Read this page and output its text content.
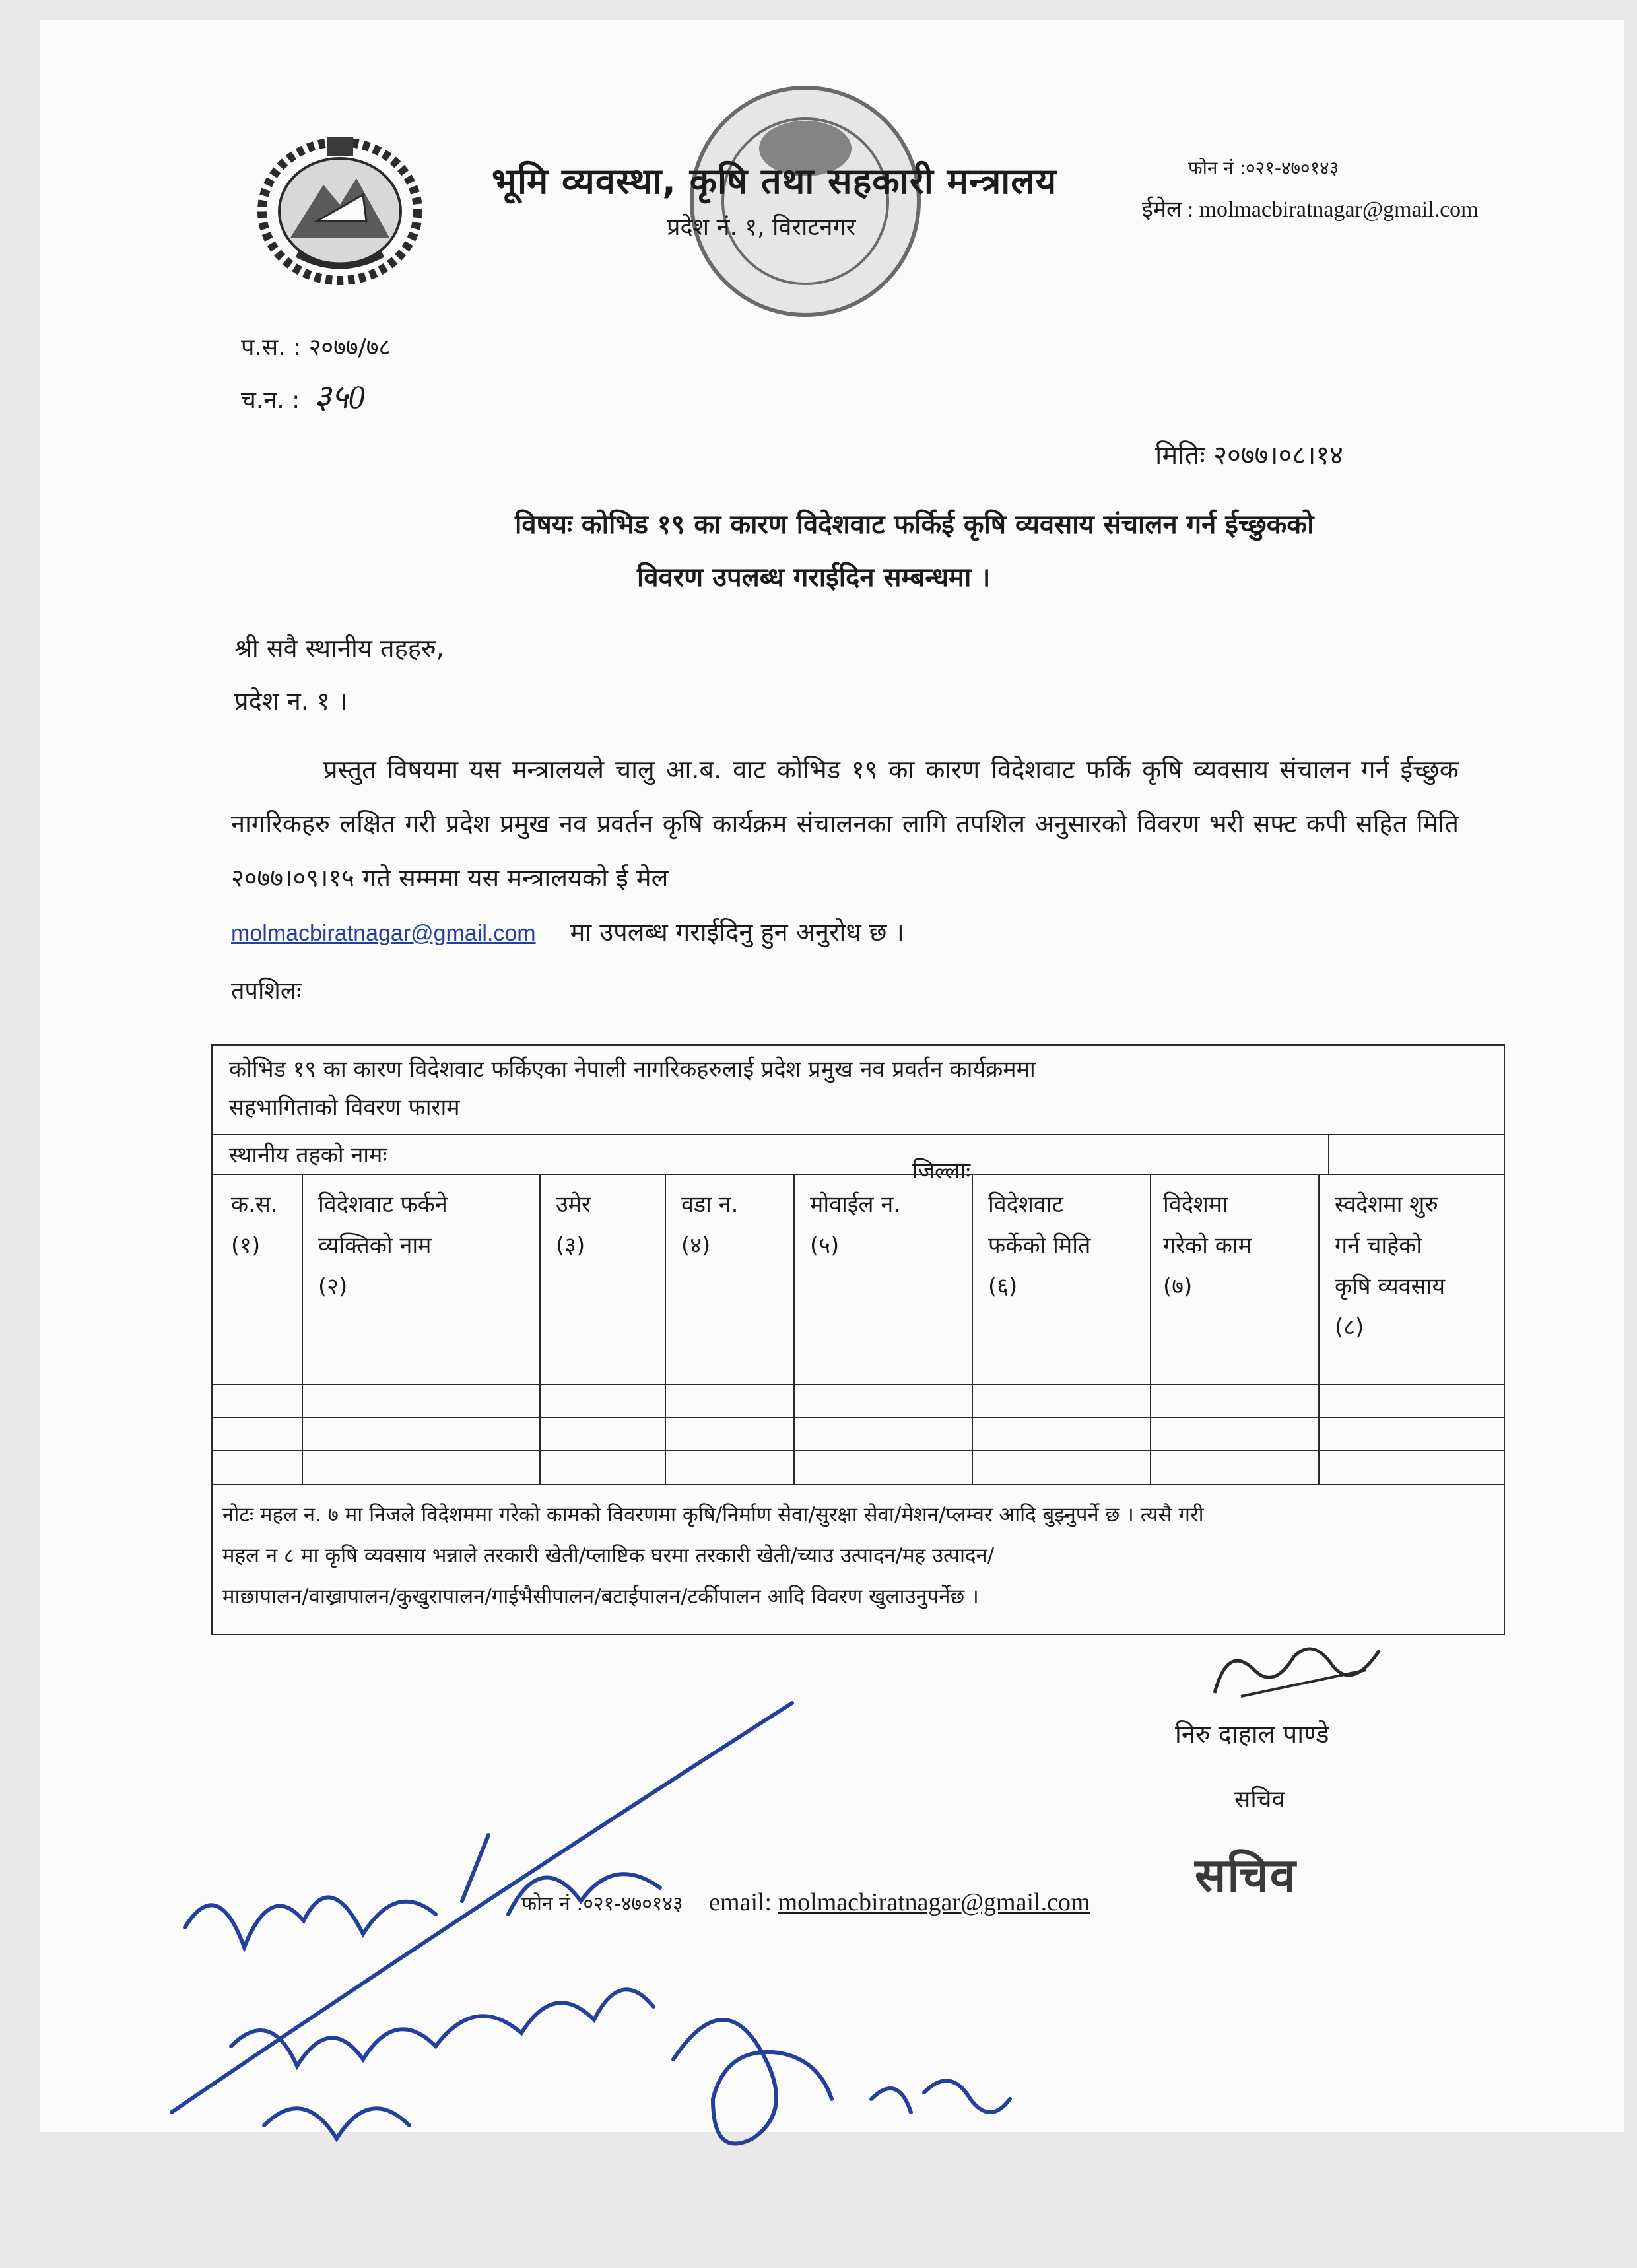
भूमि व्यवस्था, कृषि तथा सहकारी मन्त्रालय
प्रदेश नं. १, विराटनगर
फोन नं :०२१-४७०१४३
ईमेल : molmacbiratnagar@gmail.com
प.स. : २०७७/७८
च.न. : ३५0
मितिः २०७७।०८।१४
विषयः कोभिड १९ का कारण विदेशवाट फर्किई कृषि व्यवसाय संचालन गर्न ईच्छुकको
विवरण उपलब्ध गराईदिन सम्बन्धमा ।
श्री सवै स्थानीय तहहरु,
प्रदेश न. १ ।
प्रस्तुत विषयमा यस मन्त्रालयले चालु आ.ब. वाट कोभिड १९ का कारण विदेशवाट फर्कि कृषि व्यवसाय संचालन गर्न ईच्छुक नागरिकहरु लक्षित गरी प्रदेश प्रमुख नव प्रवर्तन कृषि कार्यक्रम संचालनका लागि तपशिल अनुसारको विवरण भरी सफ्ट कपी सहित मिति २०७७।०९।१५ गते सम्ममा यस मन्त्रालयको ई मेल
molmacbiratnagar@gmail.com मा उपलब्ध गराईदिनु हुन अनुरोध छ ।
तपशिलः
कोभिड १९ का कारण विदेशवाट फर्किएका नेपाली नागरिकहरुलाई प्रदेश प्रमुख नव प्रवर्तन कार्यक्रममा
सहभागिताको विवरण फाराम
स्थानीय तहको नामः
जिल्लाः
क.स.
(१)
विदेशवाट फर्कने
व्यक्तिको नाम
(२)
उमेर
(३)
वडा न.
(४)
मोवाईल न.
(५)
विदेशवाट
फर्केको मिति
(६)
विदेशमा
गरेको काम
(७)
स्वदेशमा शुरु
गर्न चाहेको
कृषि व्यवसाय
(८)
नोटः महल न. ७ मा निजले विदेशममा गरेको कामको विवरणमा कृषि/निर्माण सेवा/सुरक्षा सेवा/मेशन/प्लम्वर आदि बुझ्नुपर्ने छ । त्यसै गरी
महल न ८ मा कृषि व्यवसाय भन्नाले तरकारी खेती/प्लाष्टिक घरमा तरकारी खेती/च्याउ उत्पादन/मह उत्पादन/
माछापालन/वाख्रापालन/कुखुरापालन/गाईभैसीपालन/बटाईपालन/टर्कीपालन आदि विवरण खुलाउनुपर्नेछ ।
निरु दाहाल पाण्डे
सचिव
सचिव
फोन नं :०२१-४७०१४३ email: molmacbiratnagar@gmail.com
